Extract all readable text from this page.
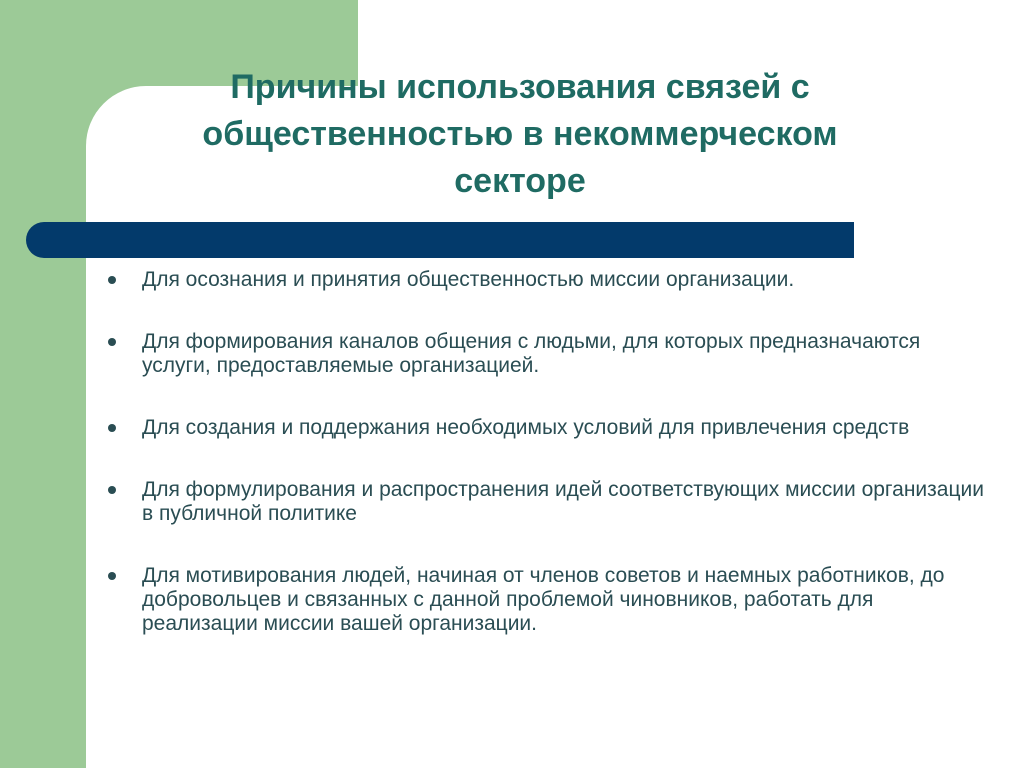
Причины использования связей с
общественностью в некоммерческом
секторе
Для осознания и принятия общественностью миссии организации.
Для формирования каналов общения с людьми, для которых предназначаются услуги, предоставляемые организацией.
Для создания и поддержания необходимых условий для привлечения средств
Для формулирования и распространения идей соответствующих миссии организации в публичной политике
Для мотивирования людей, начиная от членов советов и наемных работников, до добровольцев и связанных с данной проблемой чиновников, работать для реализации миссии вашей организации.
